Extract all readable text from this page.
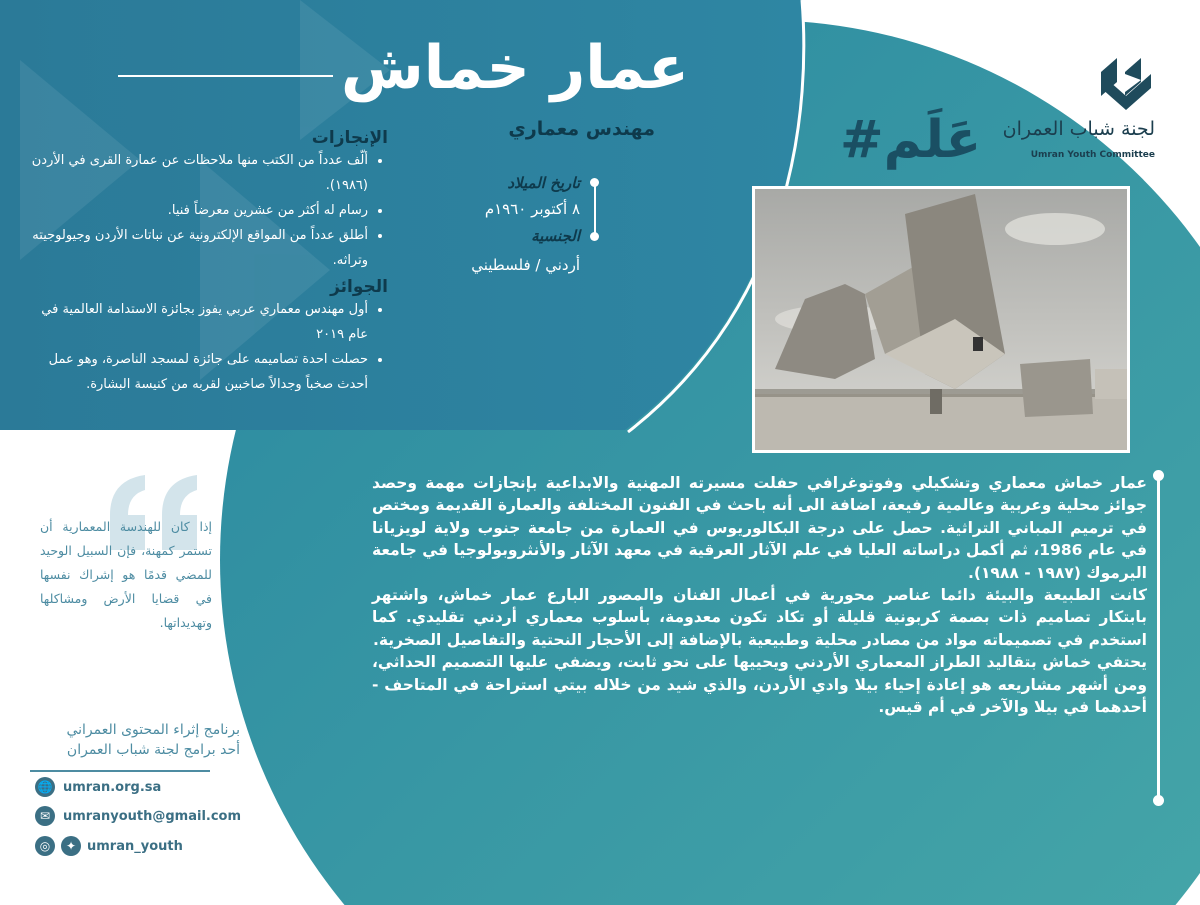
عمار خماش
مهندس معماري	#عَلَم	لجنة شباب العمران
Umran Youth Committee
تاريخ الميلاد
٨ أكتوبر ١٩٦٠م
الجنسية
أردني / فلسطيني
الإنجازات
• ألّف عدداً من الكتب منها ملاحظات عن عمارة القرى في الأردن (١٩٨٦).
• رسام له أكثر من عشرين معرضاً فنيا.
• أطلق عدداً من المواقع الإلكترونية عن نباتات الأردن وجيولوجيته وتراثه.
الجوائز
• أول مهندس معماري عربي يفوز بجائزة الاستدامة العالمية في عام ٢٠١٩
• حصلت احدة تصاميمه على جائزة لمسجد الناصرة، وهو عمل أحدث صخباً وجدالاً صاخبين لقربه من كنيسة البشارة.

عمار خماش معماري وتشكيلي وفوتوغرافي حفلت مسيرته المهنية والابداعية بإنجازات مهمة وحصد جوائز محلية وعربية وعالمية رفيعة، اضافة الى أنه باحث في الفنون المختلفة والعمارة القديمة ومختص في ترميم المباني التراثية. حصل على درجة البكالوريوس في العمارة من جامعة جنوب ولاية لويزيانا في عام 1986، ثم أكمل دراساته العليا في علم الآثار العرقية في معهد الآثار والأنثروبولوجيا في جامعة اليرموك (١٩٨٧ - ١٩٨٨).

كانت الطبيعة والبيئة دائما عناصر محورية في أعمال الفنان والمصور البارع عمار خماش، واشتهر بابتكار تصاميم ذات بصمة كربونية قليلة أو تكاد تكون معدومة، بأسلوب معماري أردني تقليدي. كما استخدم في تصميماته مواد من مصادر محلية وطبيعية بالإضافة إلى الأحجار النحتية والتفاصيل الصخرية.

يحتفي خماش بتقاليد الطراز المعماري الأردني ويحييها على نحو ثابت، ويضفي عليها التصميم الحداثي، ومن أشهر مشاريعه هو إعادة إحياء بيلا وادي الأردن، والذي شيد من خلاله بيتي استراحة في المتاحف - أحدهما في بيلا والآخر في أم قيس.

إذا كان للهندسة المعمارية أن تستمر كمهنة، فإن السبيل الوحيد للمضي قدمًا هو إشراك نفسها في قضايا الأرض ومشاكلها وتهديداتها.
برنامج إثراء المحتوى العمراني
أحد برامج لجنة شباب العمران
🌐 umran.org.sa
✉ umranyouth@gmail.com
◎	✦ umran_youth
